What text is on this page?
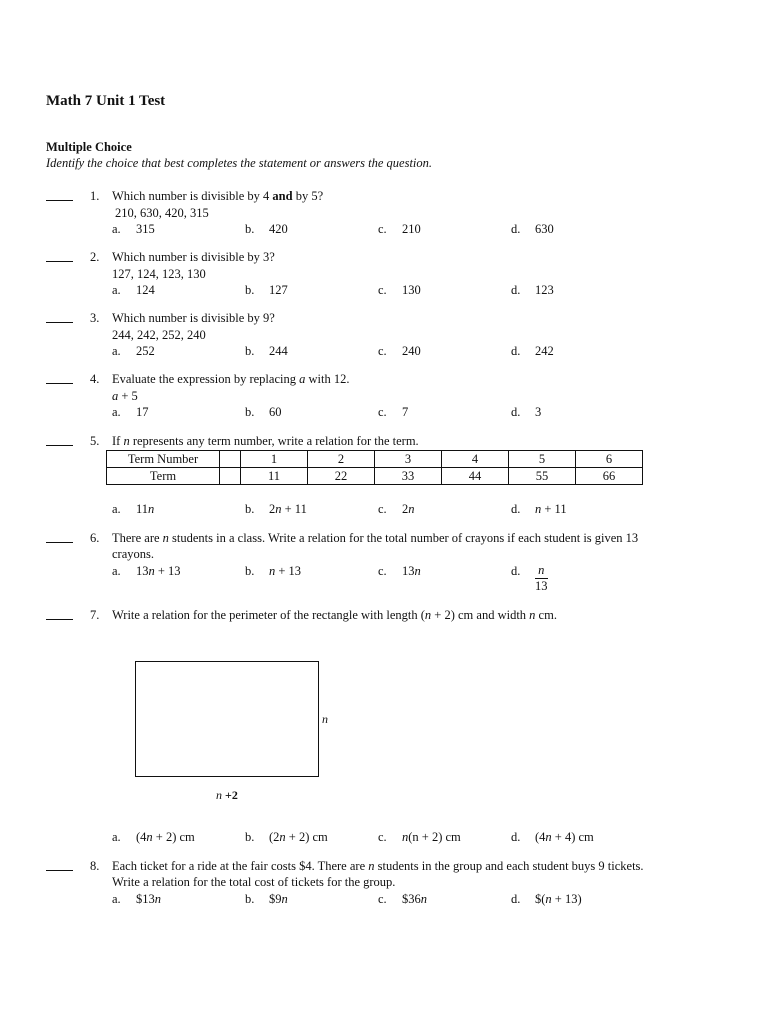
Math 7 Unit 1 Test
Multiple Choice
Identify the choice that best completes the statement or answers the question.
1. Which number is divisible by 4 and by 5?
210, 630, 420, 315
a. 315	b. 420	c. 210	d. 630
2. Which number is divisible by 3?
127, 124, 123, 130
a. 124	b. 127	c. 130	d. 123
3. Which number is divisible by 9?
244, 242, 252, 240
a. 252	b. 244	c. 240	d. 242
4. Evaluate the expression by replacing a with 12.
a + 5
a. 17	b. 60	c. 7	d. 3
5. If n represents any term number, write a relation for the term.
Term Number		1	2	3	4	5	6
Term		11	22	33	44	55	66
a. 11n	b. 2n + 11	c. 2n	d. n + 11
6. There are n students in a class. Write a relation for the total number of crayons if each student is given 13
crayons.
a. 13n + 13	b. n + 13	c. 13n	d. $\frac{n}{13}$
7. Write a relation for the perimeter of the rectangle with length (n + 2) cm and width n cm.
n
n +2
a. (4n + 2) cm	b. (2n + 2) cm	c. n(n + 2) cm	d. (4n + 4) cm
8. Each ticket for a ride at the fair costs $4. There are n students in the group and each student buys 9 tickets.
Write a relation for the total cost of tickets for the group.
a. $13n	b. $9n	c. $36n	d. $(n + 13)
